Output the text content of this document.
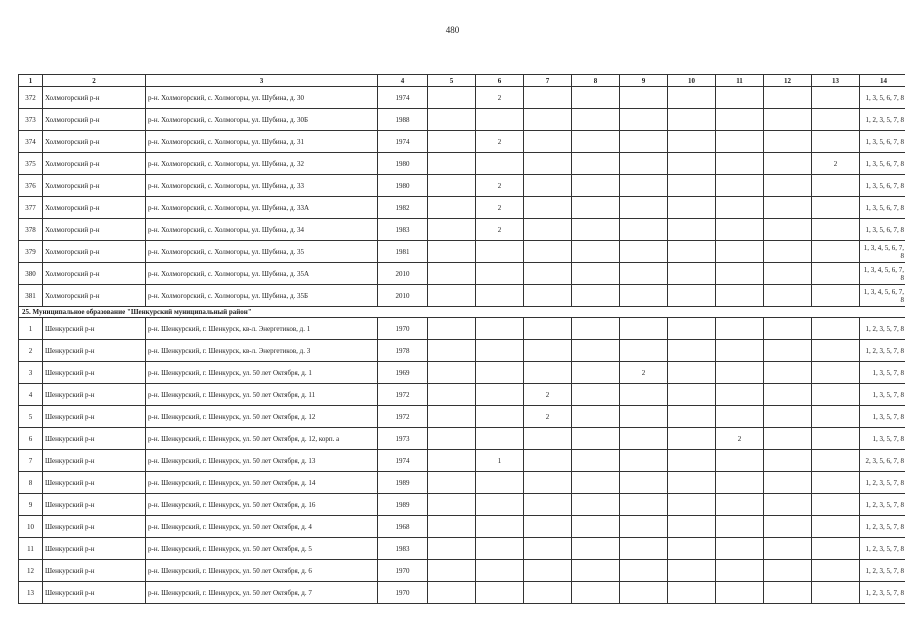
480
1	2	3	4	5	6	7	8	9	10	11	12	13	14
372	Холмогорский р-н	р-н. Холмогорский, с. Холмогоры, ул. Шубина, д. 30	1974		2								1, 3, 5, 6, 7, 8
373	Холмогорский р-н	р-н. Холмогорский, с. Холмогоры, ул. Шубина, д. 30Б	1988										1, 2, 3, 5, 7, 8
374	Холмогорский р-н	р-н. Холмогорский, с. Холмогоры, ул. Шубина, д. 31	1974		2								1, 3, 5, 6, 7, 8
375	Холмогорский р-н	р-н. Холмогорский, с. Холмогоры, ул. Шубина, д. 32	1980									2	1, 3, 5, 6, 7, 8
376	Холмогорский р-н	р-н. Холмогорский, с. Холмогоры, ул. Шубина, д. 33	1980		2								1, 3, 5, 6, 7, 8
377	Холмогорский р-н	р-н. Холмогорский, с. Холмогоры, ул. Шубина, д. 33А	1982		2								1, 3, 5, 6, 7, 8
378	Холмогорский р-н	р-н. Холмогорский, с. Холмогоры, ул. Шубина, д. 34	1983		2								1, 3, 5, 6, 7, 8
379	Холмогорский р-н	р-н. Холмогорский, с. Холмогоры, ул. Шубина, д. 35	1981										1, 3, 4, 5, 6, 7, 8
380	Холмогорский р-н	р-н. Холмогорский, с. Холмогоры, ул. Шубина, д. 35А	2010										1, 3, 4, 5, 6, 7, 8
381	Холмогорский р-н	р-н. Холмогорский, с. Холмогоры, ул. Шубина, д. 35Б	2010										1, 3, 4, 5, 6, 7, 8
25. Муниципальное образование "Шенкурский муниципальный район"													
1	Шенкурский р-н	р-н. Шенкурский, г. Шенкурск, кв-л. Энергетиков, д. 1	1970										1, 2, 3, 5, 7, 8
2	Шенкурский р-н	р-н. Шенкурский, г. Шенкурск, кв-л. Энергетиков, д. 3	1978										1, 2, 3, 5, 7, 8
3	Шенкурский р-н	р-н. Шенкурский, г. Шенкурск, ул. 50 лет Октября, д. 1	1969					2					1, 3, 5, 7, 8
4	Шенкурский р-н	р-н. Шенкурский, г. Шенкурск, ул. 50 лет Октября, д. 11	1972			2							1, 3, 5, 7, 8
5	Шенкурский р-н	р-н. Шенкурский, г. Шенкурск, ул. 50 лет Октября, д. 12	1972			2							1, 3, 5, 7, 8
6	Шенкурский р-н	р-н. Шенкурский, г. Шенкурск, ул. 50 лет Октября, д. 12, корп. а	1973							2			1, 3, 5, 7, 8
7	Шенкурский р-н	р-н. Шенкурский, г. Шенкурск, ул. 50 лет Октября, д. 13	1974		1								2, 3, 5, 6, 7, 8
8	Шенкурский р-н	р-н. Шенкурский, г. Шенкурск, ул. 50 лет Октября, д. 14	1989										1, 2, 3, 5, 7, 8
9	Шенкурский р-н	р-н. Шенкурский, г. Шенкурск, ул. 50 лет Октября, д. 16	1989										1, 2, 3, 5, 7, 8
10	Шенкурский р-н	р-н. Шенкурский, г. Шенкурск, ул. 50 лет Октября, д. 4	1968										1, 2, 3, 5, 7, 8
11	Шенкурский р-н	р-н. Шенкурский, г. Шенкурск, ул. 50 лет Октября, д. 5	1983										1, 2, 3, 5, 7, 8
12	Шенкурский р-н	р-н. Шенкурский, г. Шенкурск, ул. 50 лет Октября, д. 6	1970										1, 2, 3, 5, 7, 8
13	Шенкурский р-н	р-н. Шенкурский, г. Шенкурск, ул. 50 лет Октября, д. 7	1970										1, 2, 3, 5, 7, 8
